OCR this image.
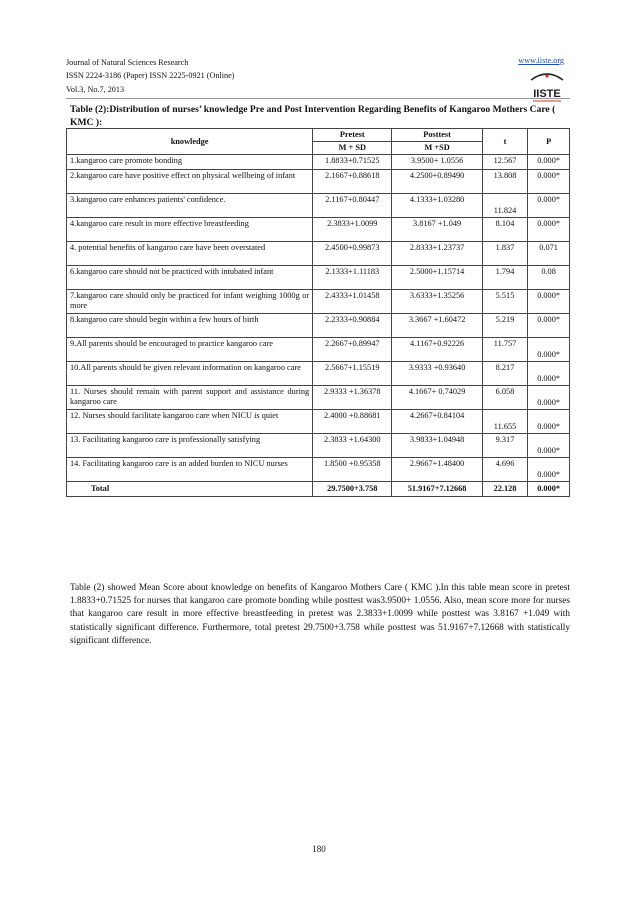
Journal of Natural Sciences Research
ISSN 2224-3186 (Paper) ISSN 2225-0921 (Online)
Vol.3, No.7, 2013
www.iiste.org
IISTE
Table (2):Distribution of nurses’ knowledge Pre and Post Intervention Regarding Benefits of Kangaroo Mothers Care ( KMC ):
knowledge	Pretest	Posttest	t	P
	M + SD	M +SD		
1.kangaroo care promote bonding	1.8833+0.71525	3.9500+ 1.0556	12.567	0.000*

2.kangaroo care have positive effect on physical wellbeing of infant	2.1667+0.88618	4.2500+0.89490	13.808	0.000*
3.kangaroo care enhances patients' confidence.	2.1167+0.80447	4.1333+1.03280	11.824	0.000*

4.kangaroo care result in more effective breastfeeding	2.3833+1.0099	3.8167 +1.049	8.104	0.000*

4. potential benefits of kangaroo care have been overstated	2.4500+0.99873	2.8333+1.23737	1.837	0.071

6.kangaroo care should not be practiced with intubated infant	2.1333+1.11183	2.5000+1.15714	1.794	0.08

7.kangaroo care should only be practiced for infant weighing 1000g or more	2.4333+1.01458	3.6333+1.35256	5.515	0.000*

8.kangaroo care should begin within a few hours of birth	2.2333+0.90884	3.3667 +1.60472	5.219	0.000*
9.All parents should be encouraged to practice kangaroo care	2.2667+0.89947	4.1167+0.92226	11.757	0.000*

10.All parents should be given relevant information on kangaroo care	2.5667+1.15519	3.9333 +0.93640	8.217	0.000*

11. Nurses should remain with parent support and assistance during kangaroo care	2.9333 +1.36378	4.1667+ 0.74029	6.058	0.000*

12. Nurses should facilitate kangaroo care when NICU is quiet	2.4000 +0.88681	4.2667+0.84104	11.655	0.000*

13. Facilitating kangaroo care is professionally satisfying	2.3833 +1.64300	3.9833+1.04948	9.317	0.000*

14. Facilitating kangaroo care is an added burden to NICU nurses	1.8500 +0.95358	2.9667+1.48400	4.696	0.000*
Total	29.7500+3.758	51.9167+7.12668	22.128	0.000*
Table (2) showed Mean Score about knowledge on benefits of Kangaroo Mothers Care ( KMC ).In this table mean score in pretest 1.8833+0.71525 for nurses that kangaroo care promote bonding while posttest was3.9500+ 1.0556. Also, mean score more for nurses that kangaroo care result in more effective breastfeeding in pretest was 2.3833+1.0099 while posttest was 3.8167 +1.049 with statistically significant difference. Furthermore, total pretest 29.7500+3.758 while posttest was 51.9167+7.12668 with statistically significant difference.
180
